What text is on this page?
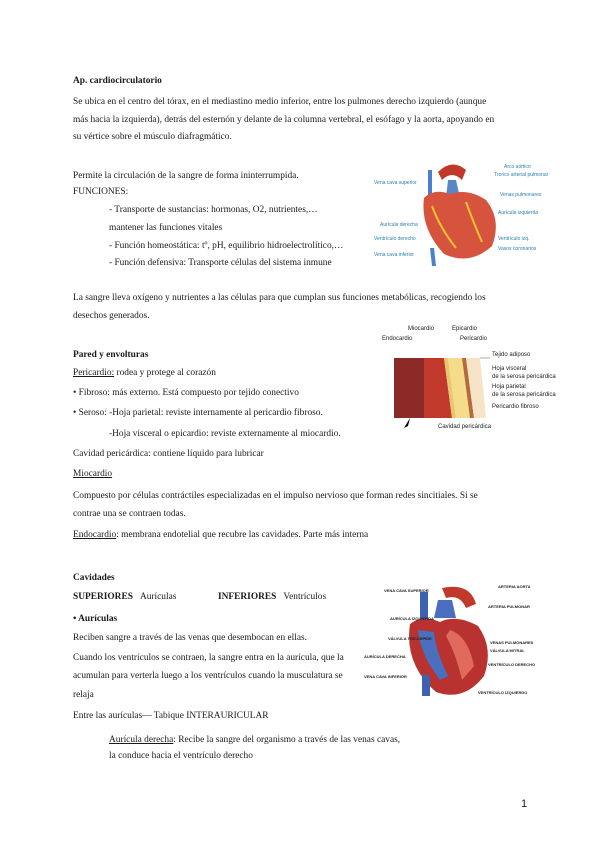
Ap. cardiocirculatorio
Se ubica en el centro del tórax, en el mediastino medio inferior, entre los pulmones derecho izquierdo (aunque
más hacia la izquierda), detrás del esternón y delante de la columna vertebral, el esófago y la aorta, apoyando en
su vértice sobre el músculo diafragmático.
Permite la circulación de la sangre de forma ininterrumpida.
FUNCIONES:
- Transporte de sustancias: hormonas, O2, nutrientes,…
mantener las funciones vitales
- Función homeostática: tº, pH, equilibrio hidroelectrolítico,…
- Función defensiva: Transporte células del sistema inmune
Vena cava superior
Arco aórtico
Tronco arterial pulmonar
Venas pulmonares
Aurícula izquierda
Aurícula derecha
Ventrículo derecho	Ventrículo izq.
Vasos coronarios
Vena cava inferior
La sangre lleva oxígeno y nutrientes a las células para que cumplan sus funciones metabólicas, recogiendo los
desechos generados.
Pared y envolturas
Pericardio: rodea y protege al corazón
• Fibroso: más externo. Está compuesto por tejido conectivo
• Seroso: -Hoja parietal: reviste internamente al pericardio fibroso.
-Hoja visceral o epicardio: reviste externamente al miocardio.
Cavidad pericárdica: contiene líquido para lubricar
Miocardio
Compuesto por células contráctiles especializadas en el impulso nervioso que forman redes sincitiales. Si se
contrae una se contraen todas.
Endocardio: membrana endotelial que recubre las cavidades. Parte más interna
Miocardio	Epicardio
Endocardio	Pericardio
Tejido adiposo
Hoja visceral
de la serosa pericárdica
Hoja parietal
de la serosa pericárdica
Pericardio fibroso
Cavidad pericárdica
Cavidades
SUPERIORES Aurículas	INFERIORES Ventrículos
• Aurículas
Reciben sangre a través de las venas que desembocan en ellas.
Cuando los ventrículos se contraen, la sangre entra en la aurícula, que la
acumulan para verterla luego a los ventrículos cuando la musculatura se
relaja
Entre las aurículas— Tabique INTERAURICULAR
Aurícula derecha: Recibe la sangre del organismo a través de las venas cavas,
la conduce hacia el ventrículo derecho
VENA CAVA SUPERIOR
ARTERIA AORTA
ARTERIA PULMONAR
AURÍCULA IZQUIERDA
VENAS PULMONARES
AURÍCULA DERECHA
VENA CAVA INFERIOR
VÁLVULA MITRAL
VÁLVULA TRICÚSPIDE
VENTRÍCULO DERECHO
VENTRÍCULO IZQUIERDO
1
